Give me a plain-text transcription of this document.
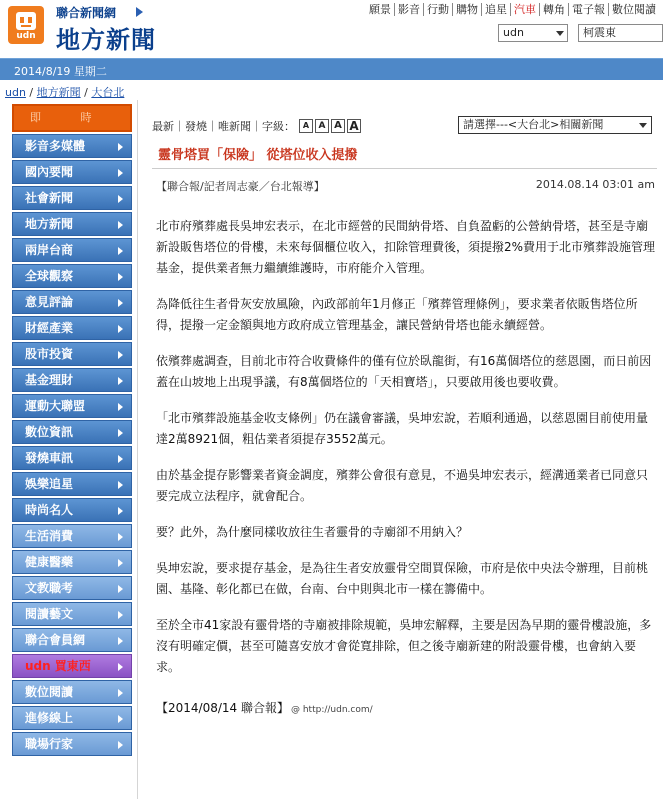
udn
聯合新聞網
地方新聞
願景 影音 行動 購物 追星 汽車 轉角 電子報 數位閱讀
udn	柯震東
2014/8/19 星期二
udn / 地方新聞 / 大台北
即 時
影音多媒體
國內要聞
社會新聞
地方新聞
兩岸台商
全球觀察
意見評論
財經產業
股市投資
基金理財
運動大聯盟
數位資訊
發燒車訊
娛樂追星
時尚名人
生活消費
健康醫藥
文教職考
閱讀藝文
聯合會員網
udn 買東西
數位閱讀
進修線上
職場行家
最新｜發燒｜唯新聞｜字級： A	A A A	請選擇---<大台北>相關新聞
靈骨塔買「保險」 從塔位收入提撥
【聯合報/記者周志豪／台北報導】	2014.08.14 03:01 am

北市府殯葬處長吳坤宏表示，在北市經營的民間納骨塔、自負盈虧的公營納骨塔，甚至是寺廟新設販售塔位的骨樓，未來每個櫃位收入，扣除管理費後，須提撥2%費用于北市殯葬設施管理基金，提供業者無力繼續維護時，市府能介入管理。

為降低往生者骨灰安放風險，內政部前年1月修正「殯葬管理條例」，要求業者依販售塔位所得，提撥一定金額與地方政府成立管理基金，讓民營納骨塔也能永續經營。

依殯葬處調查，目前北市符合收費條件的僅有位於臥龍街，有16萬個塔位的慈恩園，而日前因蓋在山坡地上出現爭議，有8萬個塔位的「天相寶塔」，只要啟用後也要收費。

「北市殯葬設施基金收支條例」仍在議會審議，吳坤宏說，若順利通過，以慈恩園目前使用量達2萬8921個，粗估業者須提存3552萬元。

由於基金提存影響業者資金調度，殯葬公會很有意見，不過吳坤宏表示，經溝通業者已同意只要完成立法程序，就會配合。

要？此外，為什麼同樣收放往生者靈骨的寺廟卻不用納入？

吳坤宏說，要求提存基金，是為往生者安放靈骨空間買保險，市府是依中央法令辦理，目前桃園、基隆、彰化都已在做，台南、台中則與北市一樣在籌備中。

至於全市41家設有靈骨塔的寺廟被排除規範，吳坤宏解釋，主要是因為早期的靈骨樓設施，多沒有明確定價，甚至可隨喜安放才會從寬排除，但之後寺廟新建的附設靈骨樓，也會納入要求。

【2014/08/14 聯合報】 @ http://udn.com/
